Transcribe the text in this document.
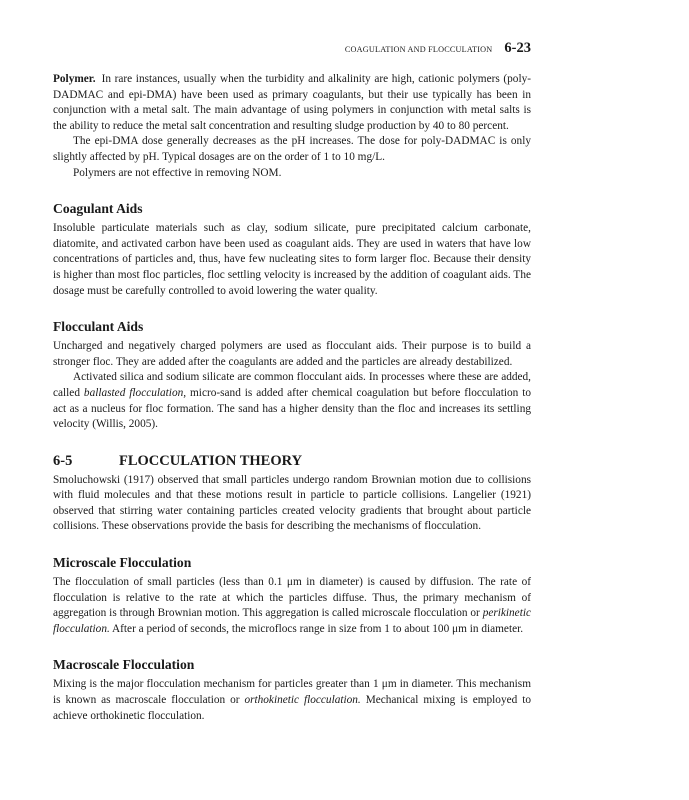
COAGULATION AND FLOCCULATION 6-23

Polymer. In rare instances, usually when the turbidity and alkalinity are high, cationic polymers (poly-DADMAC and epi-DMA) have been used as primary coagulants, but their use typically has been in conjunction with a metal salt. The main advantage of using polymers in conjunction with metal salts is the ability to reduce the metal salt concentration and resulting sludge production by 40 to 80 percent.

The epi-DMA dose generally decreases as the pH increases. The dose for poly-DADMAC is only slightly affected by pH. Typical dosages are on the order of 1 to 10 mg/L.

Polymers are not effective in removing NOM.

Coagulant Aids

Insoluble particulate materials such as clay, sodium silicate, pure precipitated calcium carbonate, diatomite, and activated carbon have been used as coagulant aids. They are used in waters that have low concentrations of particles and, thus, have few nucleating sites to form larger floc. Because their density is higher than most floc particles, floc settling velocity is increased by the addition of coagulant aids. The dosage must be carefully controlled to avoid lowering the water quality.

Flocculant Aids

Uncharged and negatively charged polymers are used as flocculant aids. Their purpose is to build a stronger floc. They are added after the coagulants are added and the particles are already destabilized.

Activated silica and sodium silicate are common flocculant aids. In processes where these are added, called ballasted flocculation, micro-sand is added after chemical coagulation but before flocculation to act as a nucleus for floc formation. The sand has a higher density than the floc and increases its settling velocity (Willis, 2005).

6-5	FLOCCULATION THEORY

Smoluchowski (1917) observed that small particles undergo random Brownian motion due to collisions with fluid molecules and that these motions result in particle to particle collisions. Langelier (1921) observed that stirring water containing particles created velocity gradients that brought about particle collisions. These observations provide the basis for describing the mechanisms of flocculation.

Microscale Flocculation

The flocculation of small particles (less than 0.1 μm in diameter) is caused by diffusion. The rate of flocculation is relative to the rate at which the particles diffuse. Thus, the primary mechanism of aggregation is through Brownian motion. This aggregation is called microscale flocculation or perikinetic flocculation. After a period of seconds, the microflocs range in size from 1 to about 100 μm in diameter.

Macroscale Flocculation

Mixing is the major flocculation mechanism for particles greater than 1 μm in diameter. This mechanism is known as macroscale flocculation or orthokinetic flocculation. Mechanical mixing is employed to achieve orthokinetic flocculation.
